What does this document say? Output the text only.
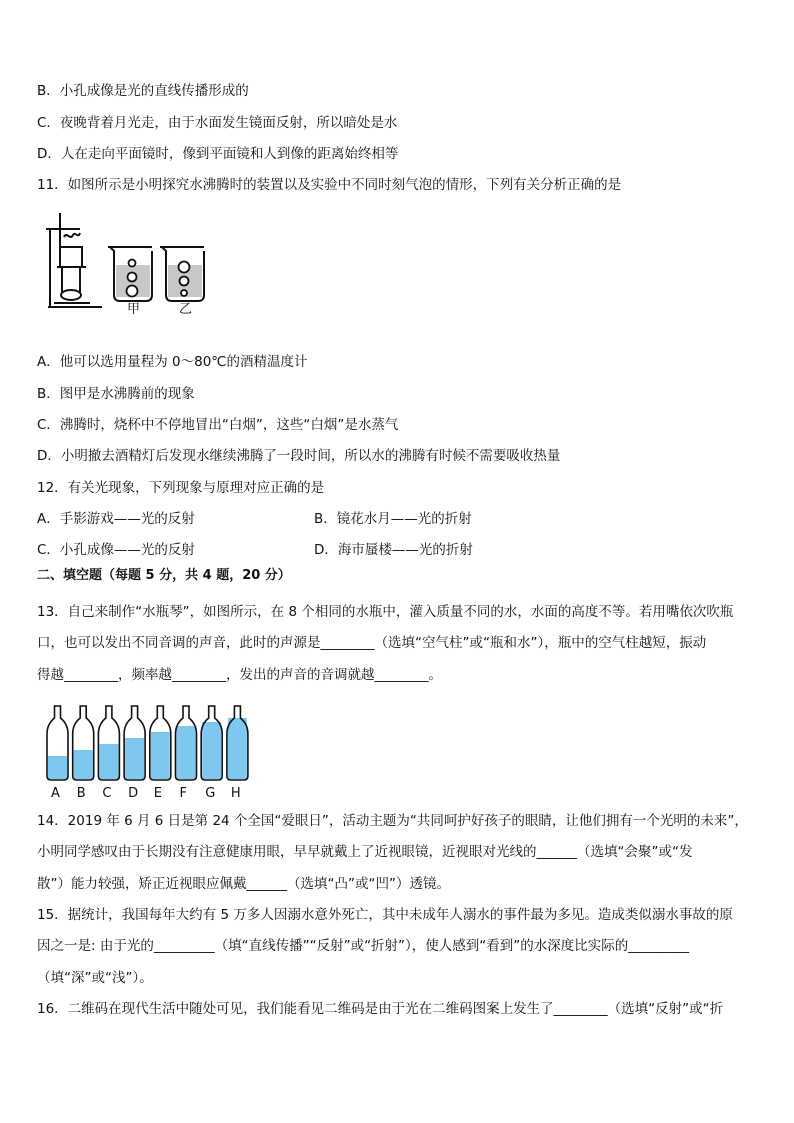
B．小孔成像是光的直线传播形成的
C．夜晚背着月光走，由于水面发生镜面反射，所以暗处是水
D．人在走向平面镜时，像到平面镜和人到像的距离始终相等
11．如图所示是小明探究水沸腾时的装置以及实验中不同时刻气泡的情形，下列有关分析正确的是
甲	乙
A．他可以选用量程为 0～80℃的酒精温度计
B．图甲是水沸腾前的现象
C．沸腾时，烧杯中不停地冒出“白烟”，这些“白烟”是水蒸气
D．小明撤去酒精灯后发现水继续沸腾了一段时间，所以水的沸腾有时候不需要吸收热量
12．有关光现象，下列现象与原理对应正确的是
A．手影游戏——光的反射	B．镜花水月——光的折射
C．小孔成像——光的反射	D．海市蜃楼——光的折射
二、填空题（每题 5 分，共 4 题，20 分）
13．自己来制作“水瓶琴”，如图所示，在 8 个相同的水瓶中，灌入质量不同的水，水面的高度不等。若用嘴依次吹瓶
口，也可以发出不同音调的声音，此时的声源是________（选填“空气柱”或“瓶和水”），瓶中的空气柱越短，振动
得越________，频率越________，发出的声音的音调就越________。
A B C D E F G H
14．2019 年 6 月 6 日是第 24 个全国“爱眼日”，活动主题为“共同呵护好孩子的眼睛，让他们拥有一个光明的未来”，
小明同学感叹由于长期没有注意健康用眼，早早就戴上了近视眼镜，近视眼对光线的______（选填“会聚”或“发
散”）能力较强，矫正近视眼应佩戴______（选填“凸”或“凹”）透镜。
15．据统计，我国每年大约有 5 万多人因溺水意外死亡，其中未成年人溺水的事件最为多见。造成类似溺水事故的原
因之一是: 由于光的_________（填“直线传播”“反射”或“折射”），使人感到“看到”的水深度比实际的_________
（填“深”或“浅”）。
16．二维码在现代生活中随处可见，我们能看见二维码是由于光在二维码图案上发生了________（选填“反射”或“折
